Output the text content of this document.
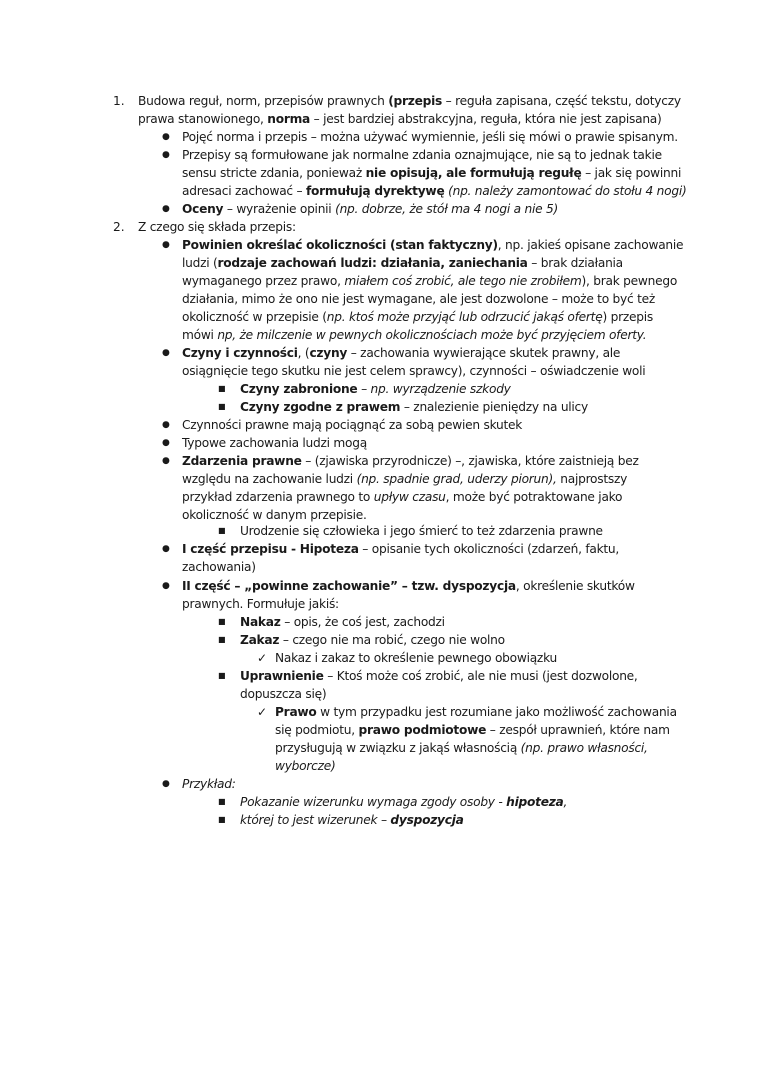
1.
2.
●
●
●
●
●
■
■
●
●
●
■
●
●
■
■
✓
■
✓
●
■
■
Budowa reguł, norm, przepisów prawnych (przepis – reguła zapisana, część tekstu, dotyczy
prawa stanowionego, norma – jest bardziej abstrakcyjna, reguła, która nie jest zapisana)
Pojęć norma i przepis – można używać wymiennie, jeśli się mówi o prawie spisanym.
Przepisy są formułowane jak normalne zdania oznajmujące, nie są to jednak takie
sensu stricte zdania, ponieważ nie opisują, ale formułują regułę – jak się powinni
adresaci zachować – formułują dyrektywę (np. należy zamontować do stołu 4 nogi)
Oceny – wyrażenie opinii (np. dobrze, że stół ma 4 nogi a nie 5)
Z czego się składa przepis:
Powinien określać okoliczności (stan faktyczny), np. jakieś opisane zachowanie
ludzi (rodzaje zachowań ludzi: działania, zaniechania – brak działania
wymaganego przez prawo, miałem coś zrobić, ale tego nie zrobiłem), brak pewnego
działania, mimo że ono nie jest wymagane, ale jest dozwolone – może to być też
okoliczność w przepisie (np. ktoś może przyjąć lub odrzucić jakąś ofertę) przepis
mówi np, że milczenie w pewnych okolicznościach może być przyjęciem oferty.
Czyny i czynności, (czyny – zachowania wywierające skutek prawny, ale
osiągnięcie tego skutku nie jest celem sprawcy), czynności – oświadczenie woli
Czyny zabronione – np. wyrządzenie szkody
Czyny zgodne z prawem – znalezienie pieniędzy na ulicy
Czynności prawne mają pociągnąć za sobą pewien skutek
Typowe zachowania ludzi mogą
Zdarzenia prawne – (zjawiska przyrodnicze) –, zjawiska, które zaistnieją bez
względu na zachowanie ludzi (np. spadnie grad, uderzy piorun), najprostszy
przykład zdarzenia prawnego to upływ czasu, może być potraktowane jako
okoliczność w danym przepisie.
Urodzenie się człowieka i jego śmierć to też zdarzenia prawne
I część przepisu - Hipoteza – opisanie tych okoliczności (zdarzeń, faktu,
zachowania)
II część – „powinne zachowanie” – tzw. dyspozycja, określenie skutków
prawnych. Formułuje jakiś:
Nakaz – opis, że coś jest, zachodzi
Zakaz – czego nie ma robić, czego nie wolno
Nakaz i zakaz to określenie pewnego obowiązku
Uprawnienie – Ktoś może coś zrobić, ale nie musi (jest dozwolone,
dopuszcza się)
Prawo w tym przypadku jest rozumiane jako możliwość zachowania
się podmiotu, prawo podmiotowe – zespół uprawnień, które nam
przysługują w związku z jakąś własnością (np. prawo własności,
wyborcze)
Przykład:
Pokazanie wizerunku wymaga zgody osoby - hipoteza,
której to jest wizerunek – dyspozycja
